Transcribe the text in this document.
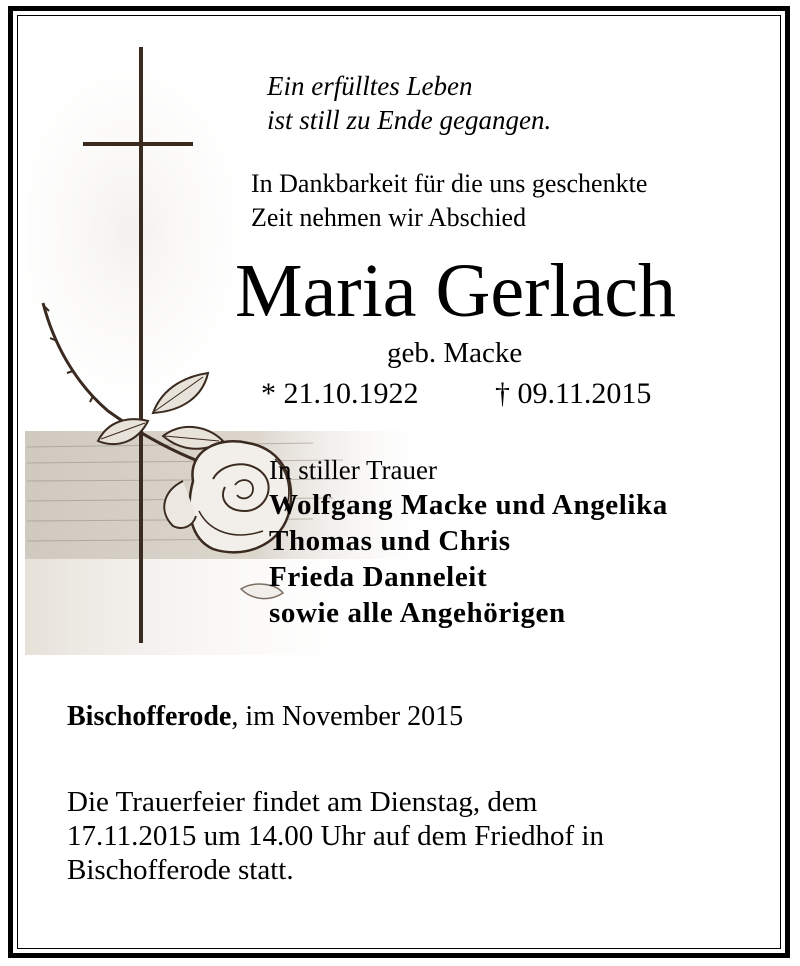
Ein erfülltes Leben
ist still zu Ende gegangen.
In Dankbarkeit für die uns geschenkte
Zeit nehmen wir Abschied
Maria Gerlach
geb. Macke
* 21.10.1922	† 09.11.2015
In stiller Trauer
Wolfgang Macke und Angelika
Thomas und Chris
Frieda Danneleit
sowie alle Angehörigen
Bischofferode, im November 2015
Die Trauerfeier findet am Dienstag, dem
17.11.2015 um 14.00 Uhr auf dem Friedhof in
Bischofferode statt.
